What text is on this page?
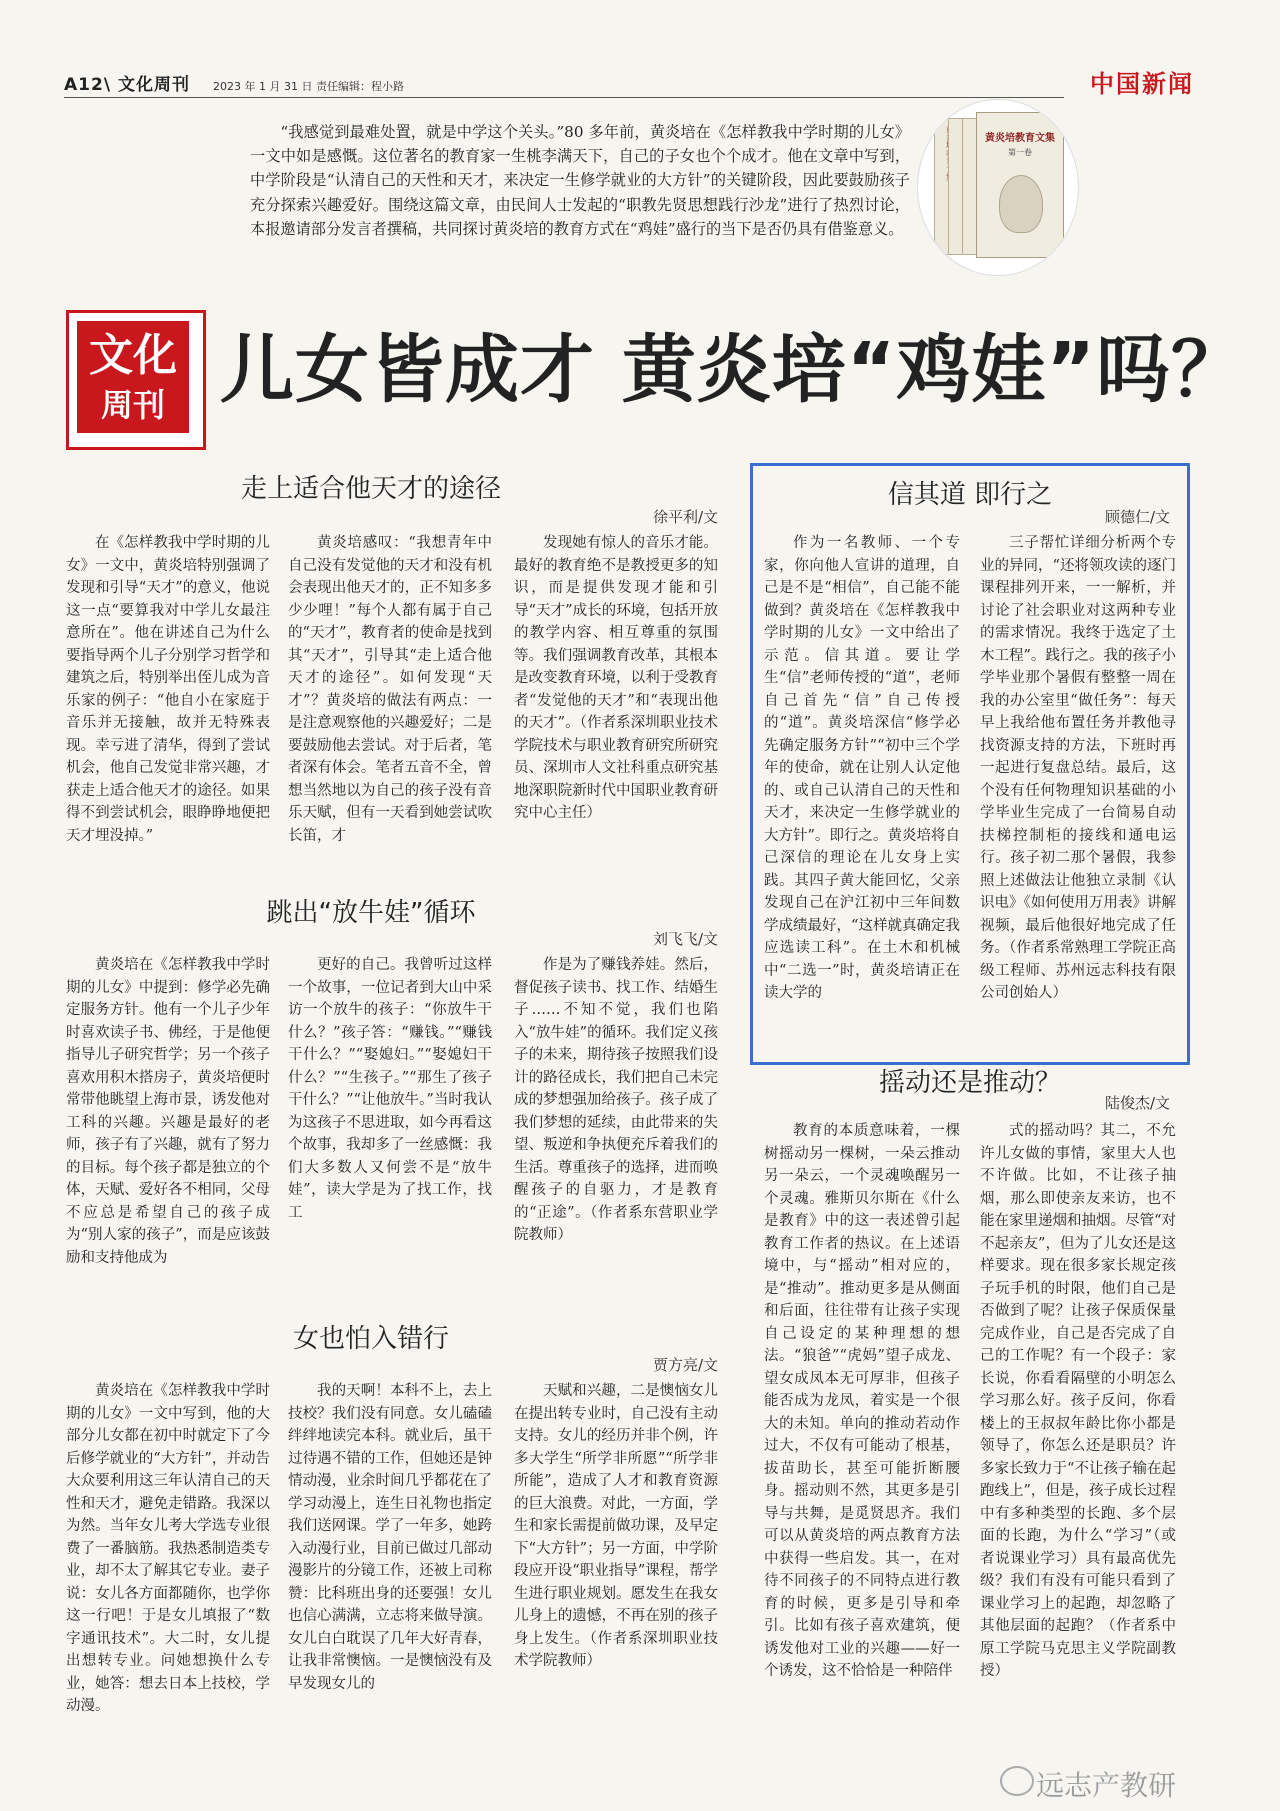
A12\ 文化周刊 2023 年 1 月 31 日 责任编辑：程小路	中国新闻
“我感觉到最难处置，就是中学这个关头。”80 多年前，黄炎培在《怎样教我中学时期的儿女》一文中如是感慨。这位著名的教育家一生桃李满天下，自己的子女也个个成才。他在文章中写到，中学阶段是“认清自己的天性和天才，来决定一生修学就业的大方针”的关键阶段，因此要鼓励孩子充分探索兴趣爱好。围绕这篇文章，由民间人士发起的“职教先贤思想践行沙龙”进行了热烈讨论，本报邀请部分发言者撰稿，共同探讨黄炎培的教育方式在“鸡娃”盛行的当下是否仍具有借鉴意义。
黄炎培教育文集
第一卷
文化
周刊 儿女皆成才 黄炎培“鸡娃”吗？
走上适合他天才的途径
徐平利/文

在《怎样教我中学时期的儿女》一文中，黄炎培特别强调了发现和引导“天才”的意义，他说这一点“要算我对中学儿女最注意所在”。他在讲述自己为什么要指导两个儿子分别学习哲学和建筑之后，特别举出侄儿成为音乐家的例子：“他自小在家庭于音乐并无接触，故并无特殊表现。幸亏进了清华，得到了尝试机会，他自己发觉非常兴趣，才获走上适合他天才的途径。如果得不到尝试机会，眼睁睁地便把天才埋没掉。”

黄炎培感叹：“我想青年中自己没有发觉他的天才和没有机会表现出他天才的，正不知多多少少哩！”每个人都有属于自己的“天才”，教育者的使命是找到其“天才”，引导其“走上适合他天才的途径”。如何发现“天才”？黄炎培的做法有两点：一是注意观察他的兴趣爱好；二是要鼓励他去尝试。对于后者，笔者深有体会。笔者五音不全，曾想当然地以为自己的孩子没有音乐天赋，但有一天看到她尝试吹长笛，才

发现她有惊人的音乐才能。最好的教育绝不是教授更多的知识，而是提供发现才能和引导“天才”成长的环境，包括开放的教学内容、相互尊重的氛围等。我们强调教育改革，其根本是改变教育环境，以利于受教育者“发觉他的天才”和“表现出他的天才”。（作者系深圳职业技术学院技术与职业教育研究所研究员、深圳市人文社科重点研究基地深职院新时代中国职业教育研究中心主任）

信其道 即行之
顾德仁/文

作为一名教师、一个专家，你向他人宣讲的道理，自己是不是“相信”，自己能不能做到？黄炎培在《怎样教我中学时期的儿女》一文中给出了示范。信其道。要让学生“信”老师传授的“道”，老师自己首先“信”自己传授的“道”。黄炎培深信“修学必先确定服务方针”“初中三个学年的使命，就在让别人认定他的、或自己认清自己的天性和天才，来决定一生修学就业的大方针”。即行之。黄炎培将自己深信的理论在儿女身上实践。其四子黄大能回忆，父亲发现自己在沪江初中三年间数学成绩最好，“这样就真确定我应选读工科”。在土木和机械中“二选一”时，黄炎培请正在读大学的

三子帮忙详细分析两个专业的异同，“还将领攻读的逐门课程排列开来，一一解析，并讨论了社会职业对这两种专业的需求情况。我终于选定了土木工程”。践行之。我的孩子小学毕业那个暑假有整整一周在我的办公室里“做任务”：每天早上我给他布置任务并教他寻找资源支持的方法，下班时再一起进行复盘总结。最后，这个没有任何物理知识基础的小学毕业生完成了一台简易自动扶梯控制柜的接线和通电运行。孩子初二那个暑假，我参照上述做法让他独立录制《认识电》《如何使用万用表》讲解视频，最后他很好地完成了任务。（作者系常熟理工学院正高级工程师、苏州远志科技有限公司创始人）

跳出“放牛娃”循环
刘飞飞/文

黄炎培在《怎样教我中学时期的儿女》中提到：修学必先确定服务方针。他有一个儿子少年时喜欢读子书、佛经，于是他便指导儿子研究哲学；另一个孩子喜欢用积木搭房子，黄炎培便时常带他眺望上海市景，诱发他对工科的兴趣。兴趣是最好的老师，孩子有了兴趣，就有了努力的目标。每个孩子都是独立的个体，天赋、爱好各不相同，父母不应总是希望自己的孩子成为“别人家的孩子”，而是应该鼓励和支持他成为

更好的自己。我曾听过这样一个故事，一位记者到大山中采访一个放牛的孩子：“你放牛干什么？”孩子答：“赚钱。”“赚钱干什么？”“娶媳妇。”“娶媳妇干什么？”“生孩子。”“那生了孩子干什么？”“让他放牛。”当时我认为这孩子不思进取，如今再看这个故事，我却多了一丝感慨：我们大多数人又何尝不是“放牛娃”，读大学是为了找工作，找工

作是为了赚钱养娃。然后，督促孩子读书、找工作、结婚生子……不知不觉，我们也陷入“放牛娃”的循环。我们定义孩子的未来，期待孩子按照我们设计的路径成长，我们把自己未完成的梦想强加给孩子。孩子成了我们梦想的延续，由此带来的失望、叛逆和争执便充斥着我们的生活。尊重孩子的选择，进而唤醒孩子的自驱力，才是教育的“正途”。（作者系东营职业学院教师）

摇动还是推动？
陆俊杰/文

教育的本质意味着，一棵树摇动另一棵树，一朵云推动另一朵云，一个灵魂唤醒另一个灵魂。雅斯贝尔斯在《什么是教育》中的这一表述曾引起教育工作者的热议。在上述语境中，与“摇动”相对应的，是“推动”。推动更多是从侧面和后面，往往带有让孩子实现自己设定的某种理想的想法。“狼爸”“虎妈”望子成龙、望女成凤本无可厚非，但孩子能否成为龙凤，着实是一个很大的未知。单向的推动若动作过大，不仅有可能动了根基，拔苗助长，甚至可能折断腰身。摇动则不然，其更多是引导与共舞，是觅贤思齐。我们可以从黄炎培的两点教育方法中获得一些启发。其一，在对待不同孩子的不同特点进行教育的时候，更多是引导和牵引。比如有孩子喜欢建筑，便诱发他对工业的兴趣——好一个诱发，这不恰恰是一种陪伴

式的摇动吗？其二，不允许儿女做的事情，家里大人也不许做。比如，不让孩子抽烟，那么即使亲友来访，也不能在家里递烟和抽烟。尽管“对不起亲友”，但为了儿女还是这样要求。现在很多家长规定孩子玩手机的时限，他们自己是否做到了呢？让孩子保质保量完成作业，自己是否完成了自己的工作呢？有一个段子：家长说，你看看隔壁的小明怎么学习那么好。孩子反问，你看楼上的王叔叔年龄比你小都是领导了，你怎么还是职员？许多家长致力于“不让孩子输在起跑线上”，但是，孩子成长过程中有多种类型的长跑、多个层面的长跑，为什么“学习”（或者说课业学习）具有最高优先级？我们有没有可能只看到了课业学习上的起跑，却忽略了其他层面的起跑？（作者系中原工学院马克思主义学院副教授）

女也怕入错行
贾方亮/文

黄炎培在《怎样教我中学时期的儿女》一文中写到，他的大部分儿女都在初中时就定下了今后修学就业的“大方针”，并动告大众要利用这三年认清自己的天性和天才，避免走错路。我深以为然。当年女儿考大学选专业很费了一番脑筋。我热悉制造类专业，却不太了解其它专业。妻子说：女儿各方面都随你，也学你这一行吧！于是女儿填报了“数字通讯技术”。大二时，女儿提出想转专业。问她想换什么专业，她答：想去日本上技校，学动漫。

我的天啊！本科不上，去上技校？我们没有同意。女儿磕磕绊绊地读完本科。就业后，虽干过待遇不错的工作，但她还是钟情动漫，业余时间几乎都花在了学习动漫上，连生日礼物也指定我们送网课。学了一年多，她跨入动漫行业，目前已做过几部动漫影片的分镜工作，还被上司称赞：比科班出身的还要强！女儿也信心满满，立志将来做导演。女儿白白耽误了几年大好青春，让我非常懊恼。一是懊恼没有及早发现女儿的

天赋和兴趣，二是懊恼女儿在提出转专业时，自己没有主动支持。女儿的经历并非个例，许多大学生“所学非所愿”“所学非所能”，造成了人才和教育资源的巨大浪费。对此，一方面，学生和家长需提前做功课，及早定下“大方针”；另一方面，中学阶段应开设“职业指导”课程，帮学生进行职业规划。愿发生在我女儿身上的遗憾，不再在别的孩子身上发生。（作者系深圳职业技术学院教师）

远志产教研
